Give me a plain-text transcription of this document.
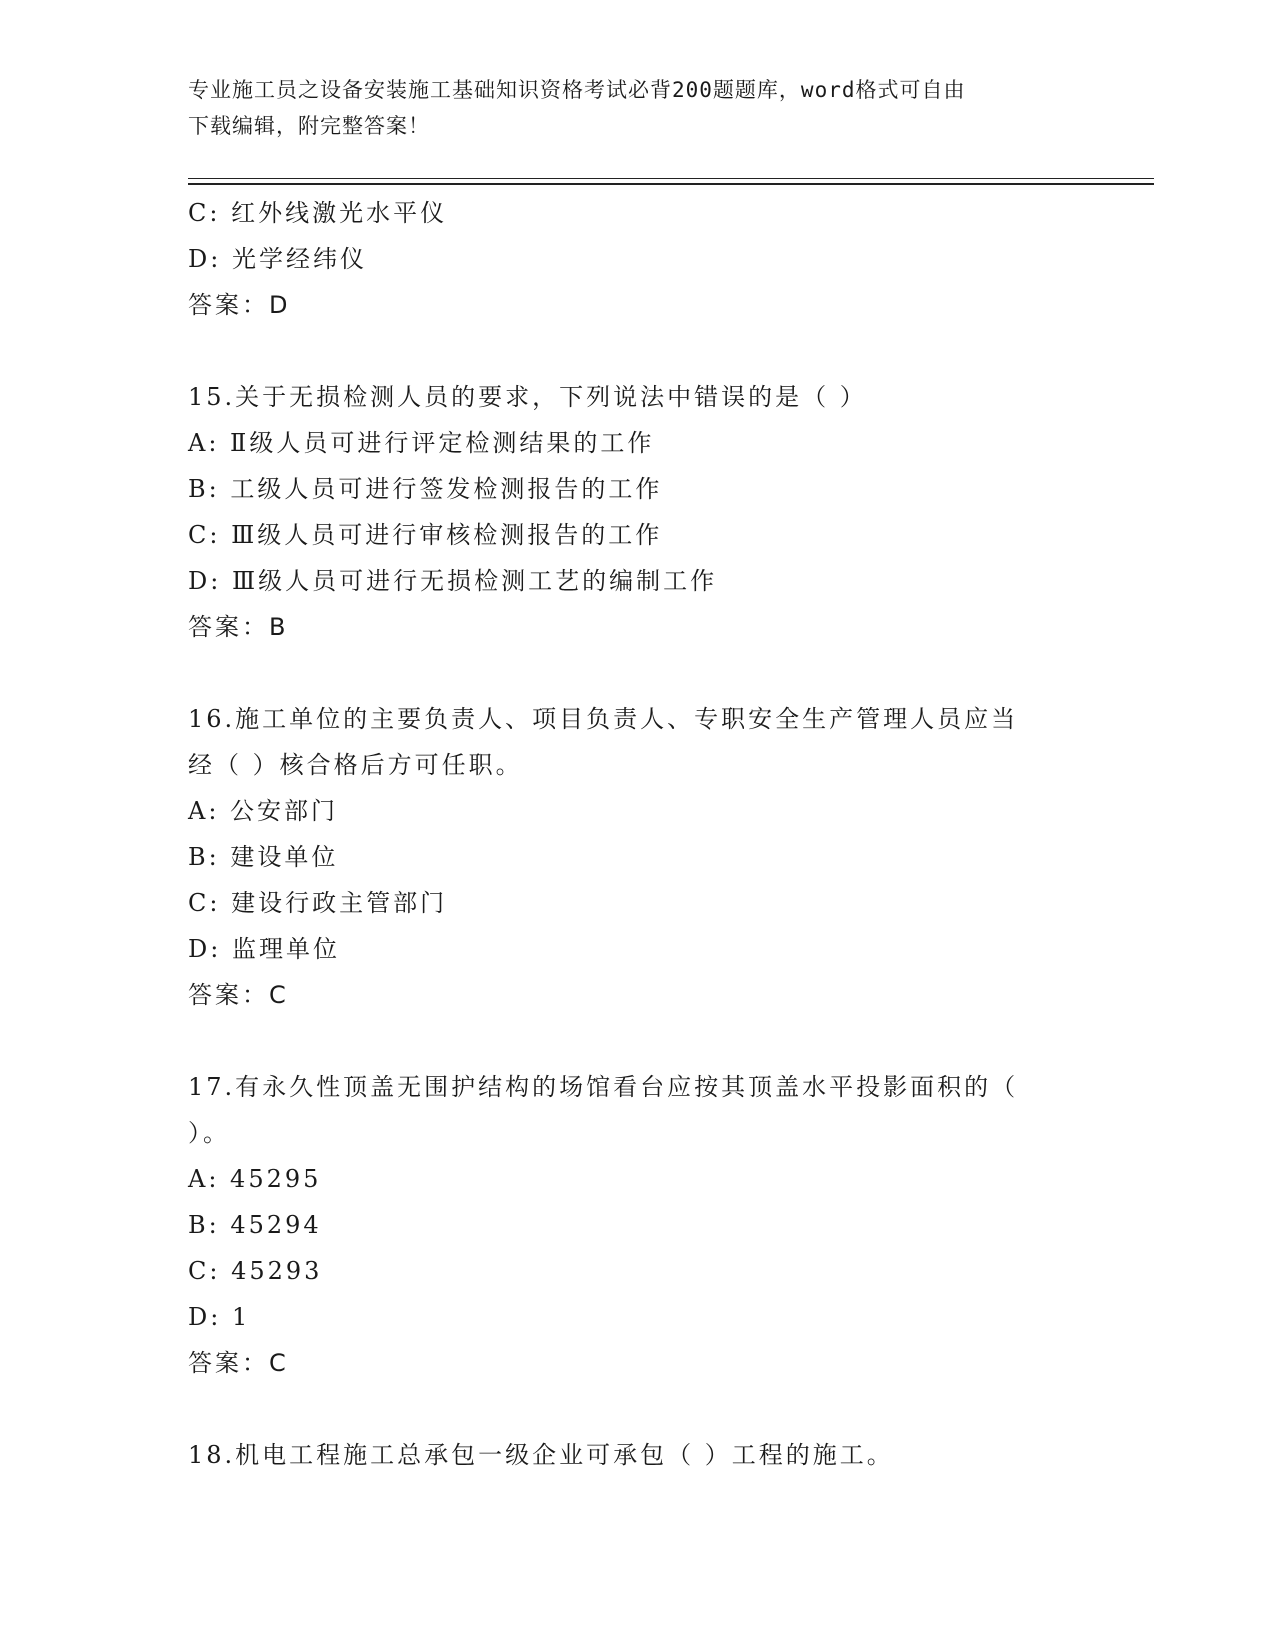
专业施工员之设备安装施工基础知识资格考试必背200题题库，word格式可自由
下载编辑，附完整答案！
C: 红外线激光水平仪
D: 光学经纬仪
答案：D
15.关于无损检测人员的要求，下列说法中错误的是（ ）
A: Ⅱ级人员可进行评定检测结果的工作
B: 工级人员可进行签发检测报告的工作
C: Ⅲ级人员可进行审核检测报告的工作
D: Ⅲ级人员可进行无损检测工艺的编制工作
答案：B
16.施工单位的主要负责人、项目负责人、专职安全生产管理人员应当
经（ ）核合格后方可任职。
A: 公安部门
B: 建设单位
C: 建设行政主管部门
D: 监理单位
答案：C
17.有永久性顶盖无围护结构的场馆看台应按其顶盖水平投影面积的（
）。
A: 45295
B: 45294
C: 45293
D: 1
答案：C
18.机电工程施工总承包一级企业可承包（ ）工程的施工。
